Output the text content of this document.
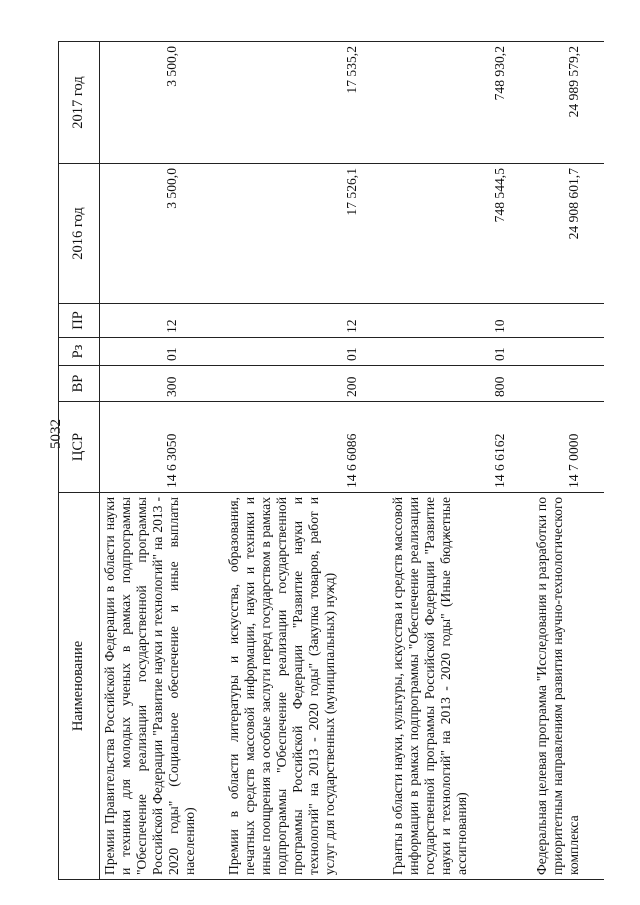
5032
Наименование	ЦСР	ВР	Рз	ПР	2016 год	2017 год
Премии Правительства Российской Федерации в области науки и техники для молодых ученых в рамках подпрограммы "Обеспечение реализации государственной программы Российской Федерации "Развитие науки и технологий" на 2013 - 2020 годы" (Социальное обеспечение и иные выплаты населению)	14 6 3050	300	01	12	3 500,0	3 500,0
Премии в области литературы и искусства, образования, печатных средств массовой информации, науки и техники и иные поощрения за особые заслуги перед государством в рамках подпрограммы "Обеспечение реализации государственной программы Российской Федерации "Развитие науки и технологий" на 2013 - 2020 годы" (Закупка товаров, работ и услуг для государственных (муниципальных) нужд)	14 6 6086	200	01	12	17 526,1	17 535,2
Гранты в области науки, культуры, искусства и средств массовой информации в рамках подпрограммы "Обеспечение реализации государственной программы Российской Федерации "Развитие науки и технологий" на 2013 - 2020 годы" (Иные бюджетные ассигнования)	14 6 6162	800	01	10	748 544,5	748 930,2
Федеральная целевая программа "Исследования и разработки по приоритетным направлениям развития научно-технологического комплекса	14 7 0000				24 908 601,7	24 989 579,2
